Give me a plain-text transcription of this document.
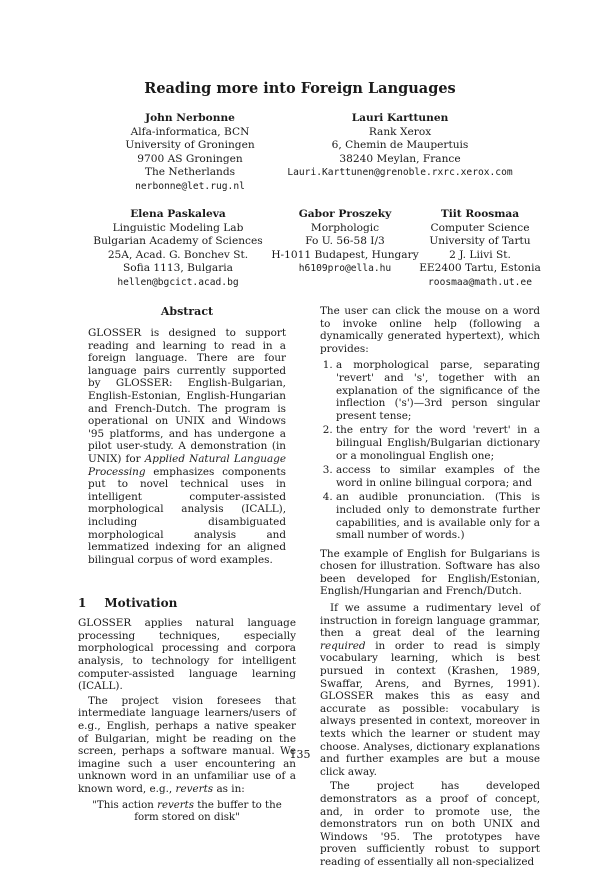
Reading more into Foreign Languages
John Nerbonne
Alfa-informatica, BCN
University of Groningen
9700 AS Groningen
The Netherlands
nerbonne@let.rug.nl
Lauri Karttunen
Rank Xerox
6, Chemin de Maupertuis
38240 Meylan, France
Lauri.Karttunen@grenoble.rxrc.xerox.com
Elena Paskaleva
Linguistic Modeling Lab
Bulgarian Academy of Sciences
25A, Acad. G. Bonchev St.
Sofia 1113, Bulgaria
hellen@bgcict.acad.bg
Gabor Proszeky
Morphologic
Fo U. 56-58 I/3
H-1011 Budapest, Hungary
h6109pro@ella.hu
Tiit Roosmaa
Computer Science
University of Tartu
2 J. Liivi St.
EE2400 Tartu, Estonia
roosmaa@math.ut.ee
Abstract

GLOSSER is designed to support reading and learning to read in a foreign language. There are four language pairs currently supported by GLOSSER: English-Bulgarian, English-Estonian, English-Hungarian and French-Dutch. The program is operational on UNIX and Windows '95 platforms, and has undergone a pilot user-study. A demonstration (in UNIX) for Applied Natural Language Processing emphasizes components put to novel technical uses in intelligent computer-assisted morphological analysis (ICALL), including disambiguated morphological analysis and lemmatized indexing for an aligned bilingual corpus of word examples.

1 Motivation

GLOSSER applies natural language processing techniques, especially morphological processing and corpora analysis, to technology for intelligent computer-assisted language learning (ICALL).

The project vision foresees that intermediate language learners/users of e.g., English, perhaps a native speaker of Bulgarian, might be reading on the screen, perhaps a software manual. We imagine such a user encountering an unknown word in an unfamiliar use of a known word, e.g., reverts as in:

"This action reverts the buffer to the form stored on disk"

The user can click the mouse on a word to invoke online help (following a dynamically generated hypertext), which provides:

1. a morphological parse, separating 'revert' and 's', together with an explanation of the significance of the inflection ('s')—3rd person singular present tense;
2. the entry for the word 'revert' in a bilingual English/Bulgarian dictionary or a monolingual English one;
3. access to similar examples of the word in online bilingual corpora; and
4. an audible pronunciation. (This is included only to demonstrate further capabilities, and is available only for a small number of words.)

The example of English for Bulgarians is chosen for illustration. Software has also been developed for English/Estonian, English/Hungarian and French/Dutch.

If we assume a rudimentary level of instruction in foreign language grammar, then a great deal of the learning required in order to read is simply vocabulary learning, which is best pursued in context (Krashen, 1989, Swaffar, Arens, and Byrnes, 1991). GLOSSER makes this as easy and accurate as possible: vocabulary is always presented in context, moreover in texts which the learner or student may choose. Analyses, dictionary explanations and further examples are but a mouse click away.

The project has developed demonstrators as a proof of concept, and, in order to promote use, the demonstrators run on both UNIX and Windows '95. The prototypes have proven sufficiently robust to support reading of essentially all non-specialized

135
